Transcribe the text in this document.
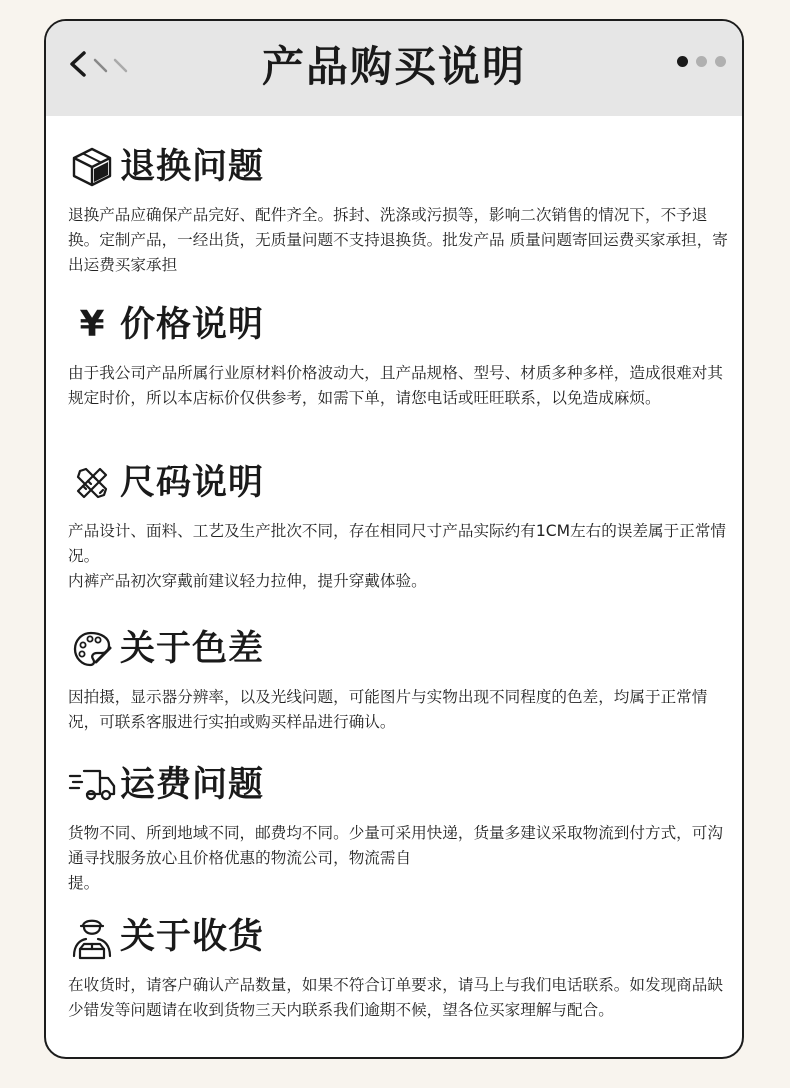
产品购买说明
退换问题

退换产品应确保产品完好、配件齐全。拆封、洗涤或污损等，影响二次销售的情况下，不予退换。定制产品，一经出货，无质量问题不支持退换货。批发产品 质量问题寄回运费买家承担，寄出运费买家承担

¥ 价格说明

由于我公司产品所属行业原材料价格波动大，且产品规格、型号、材质多种多样，造成很难对其规定时价，所以本店标价仅供参考，如需下单，请您电话或旺旺联系，以免造成麻烦。

尺码说明

产品设计、面料、工艺及生产批次不同，存在相同尺寸产品实际约有1CM左右的误差属于正常情况。

内裤产品初次穿戴前建议轻力拉伸，提升穿戴体验。

关于色差

因拍摄，显示器分辨率，以及光线问题，可能图片与实物出现不同程度的色差，均属于正常情况，可联系客服进行实拍或购买样品进行确认。

运费问题

货物不同、所到地域不同，邮费均不同。少量可采用快递，货量多建议采取物流到付方式，可沟通寻找服务放心且价格优惠的物流公司，物流需自

提。

关于收货

在收货时，请客户确认产品数量，如果不符合订单要求，请马上与我们电话联系。如发现商品缺少错发等问题请在收到货物三天内联系我们逾期不候，望各位买家理解与配合。
